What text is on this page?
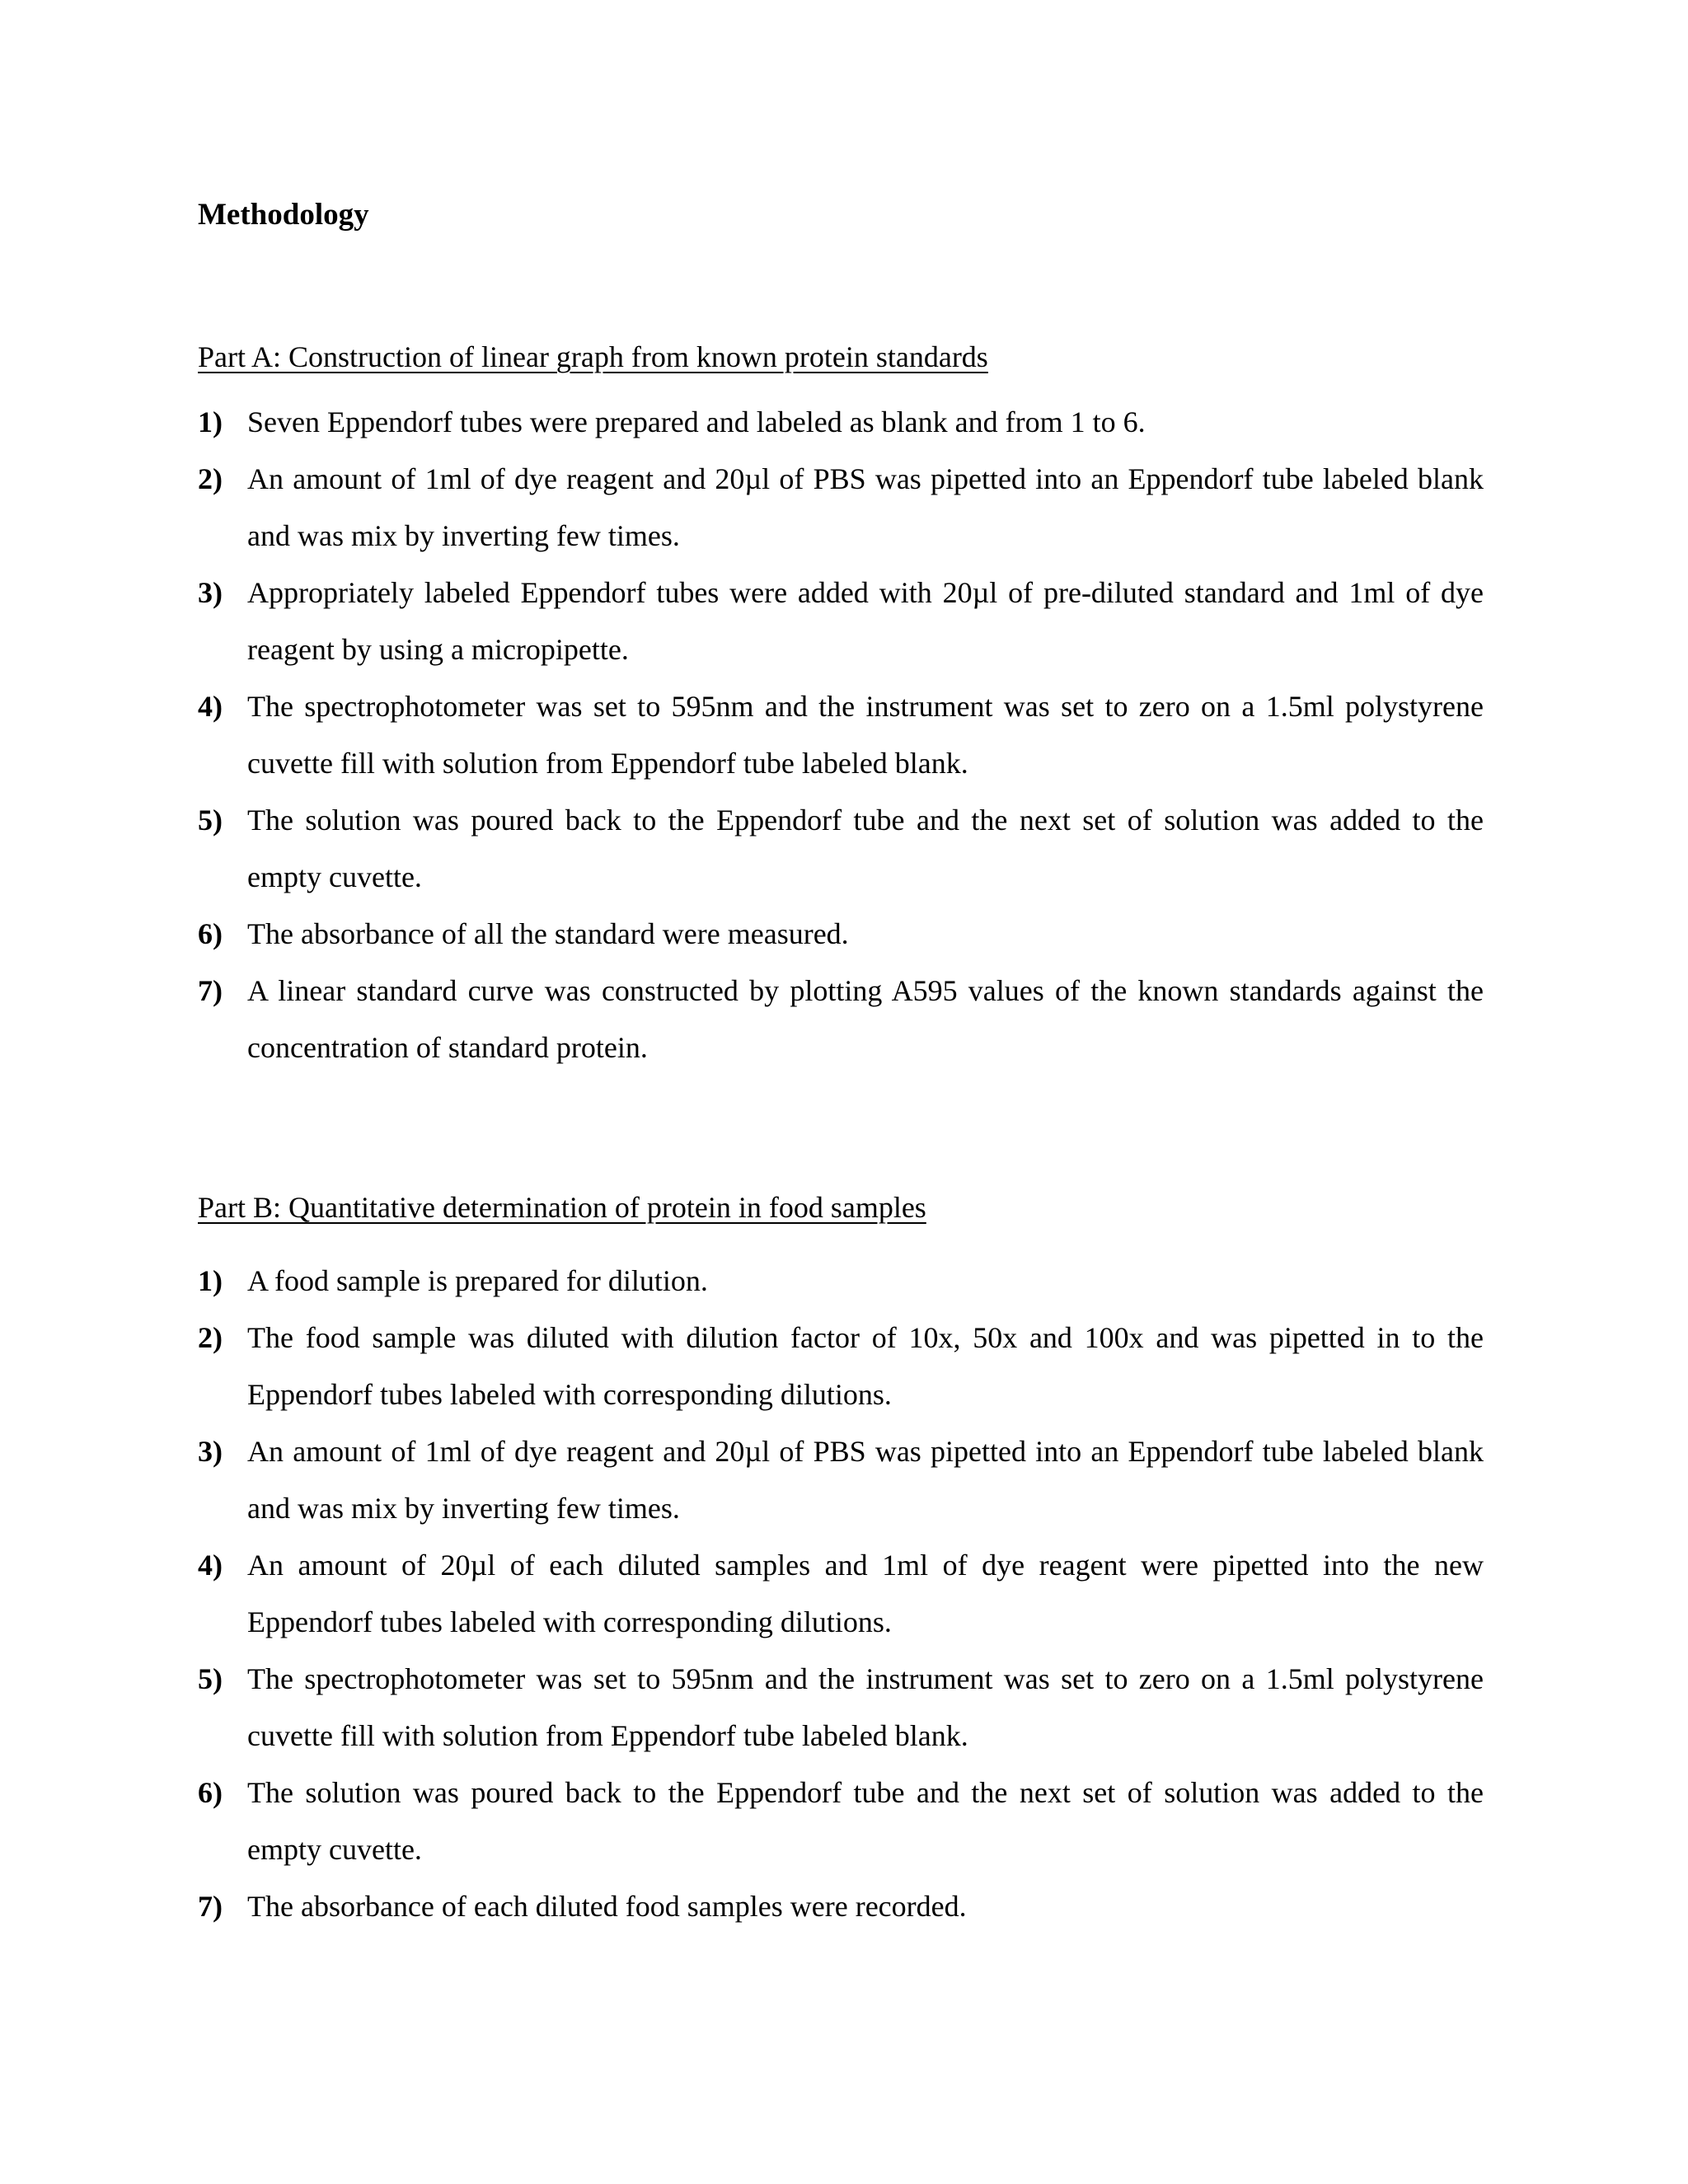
Methodology
Part A: Construction of linear graph from known protein standards
1) Seven Eppendorf tubes were prepared and labeled as blank and from 1 to 6.
2) An amount of 1ml of dye reagent and 20µl of PBS was pipetted into an Eppendorf tube labeled blank and was mix by inverting few times.
3) Appropriately labeled Eppendorf tubes were added with 20µl of pre-diluted standard and 1ml of dye reagent by using a micropipette.
4) The spectrophotometer was set to 595nm and the instrument was set to zero on a 1.5ml polystyrene cuvette fill with solution from Eppendorf tube labeled blank.
5) The solution was poured back to the Eppendorf tube and the next set of solution was added to the empty cuvette.
6) The absorbance of all the standard were measured.
7) A linear standard curve was constructed by plotting A595 values of the known standards against the concentration of standard protein.
Part B: Quantitative determination of protein in food samples
1) A food sample is prepared for dilution.
2) The food sample was diluted with dilution factor of 10x, 50x and 100x and was pipetted in to the Eppendorf tubes labeled with corresponding dilutions.
3) An amount of 1ml of dye reagent and 20µl of PBS was pipetted into an Eppendorf tube labeled blank and was mix by inverting few times.
4) An amount of 20µl of each diluted samples and 1ml of dye reagent were pipetted into the new Eppendorf tubes labeled with corresponding dilutions.
5) The spectrophotometer was set to 595nm and the instrument was set to zero on a 1.5ml polystyrene cuvette fill with solution from Eppendorf tube labeled blank.
6) The solution was poured back to the Eppendorf tube and the next set of solution was added to the empty cuvette.
7) The absorbance of each diluted food samples were recorded.
